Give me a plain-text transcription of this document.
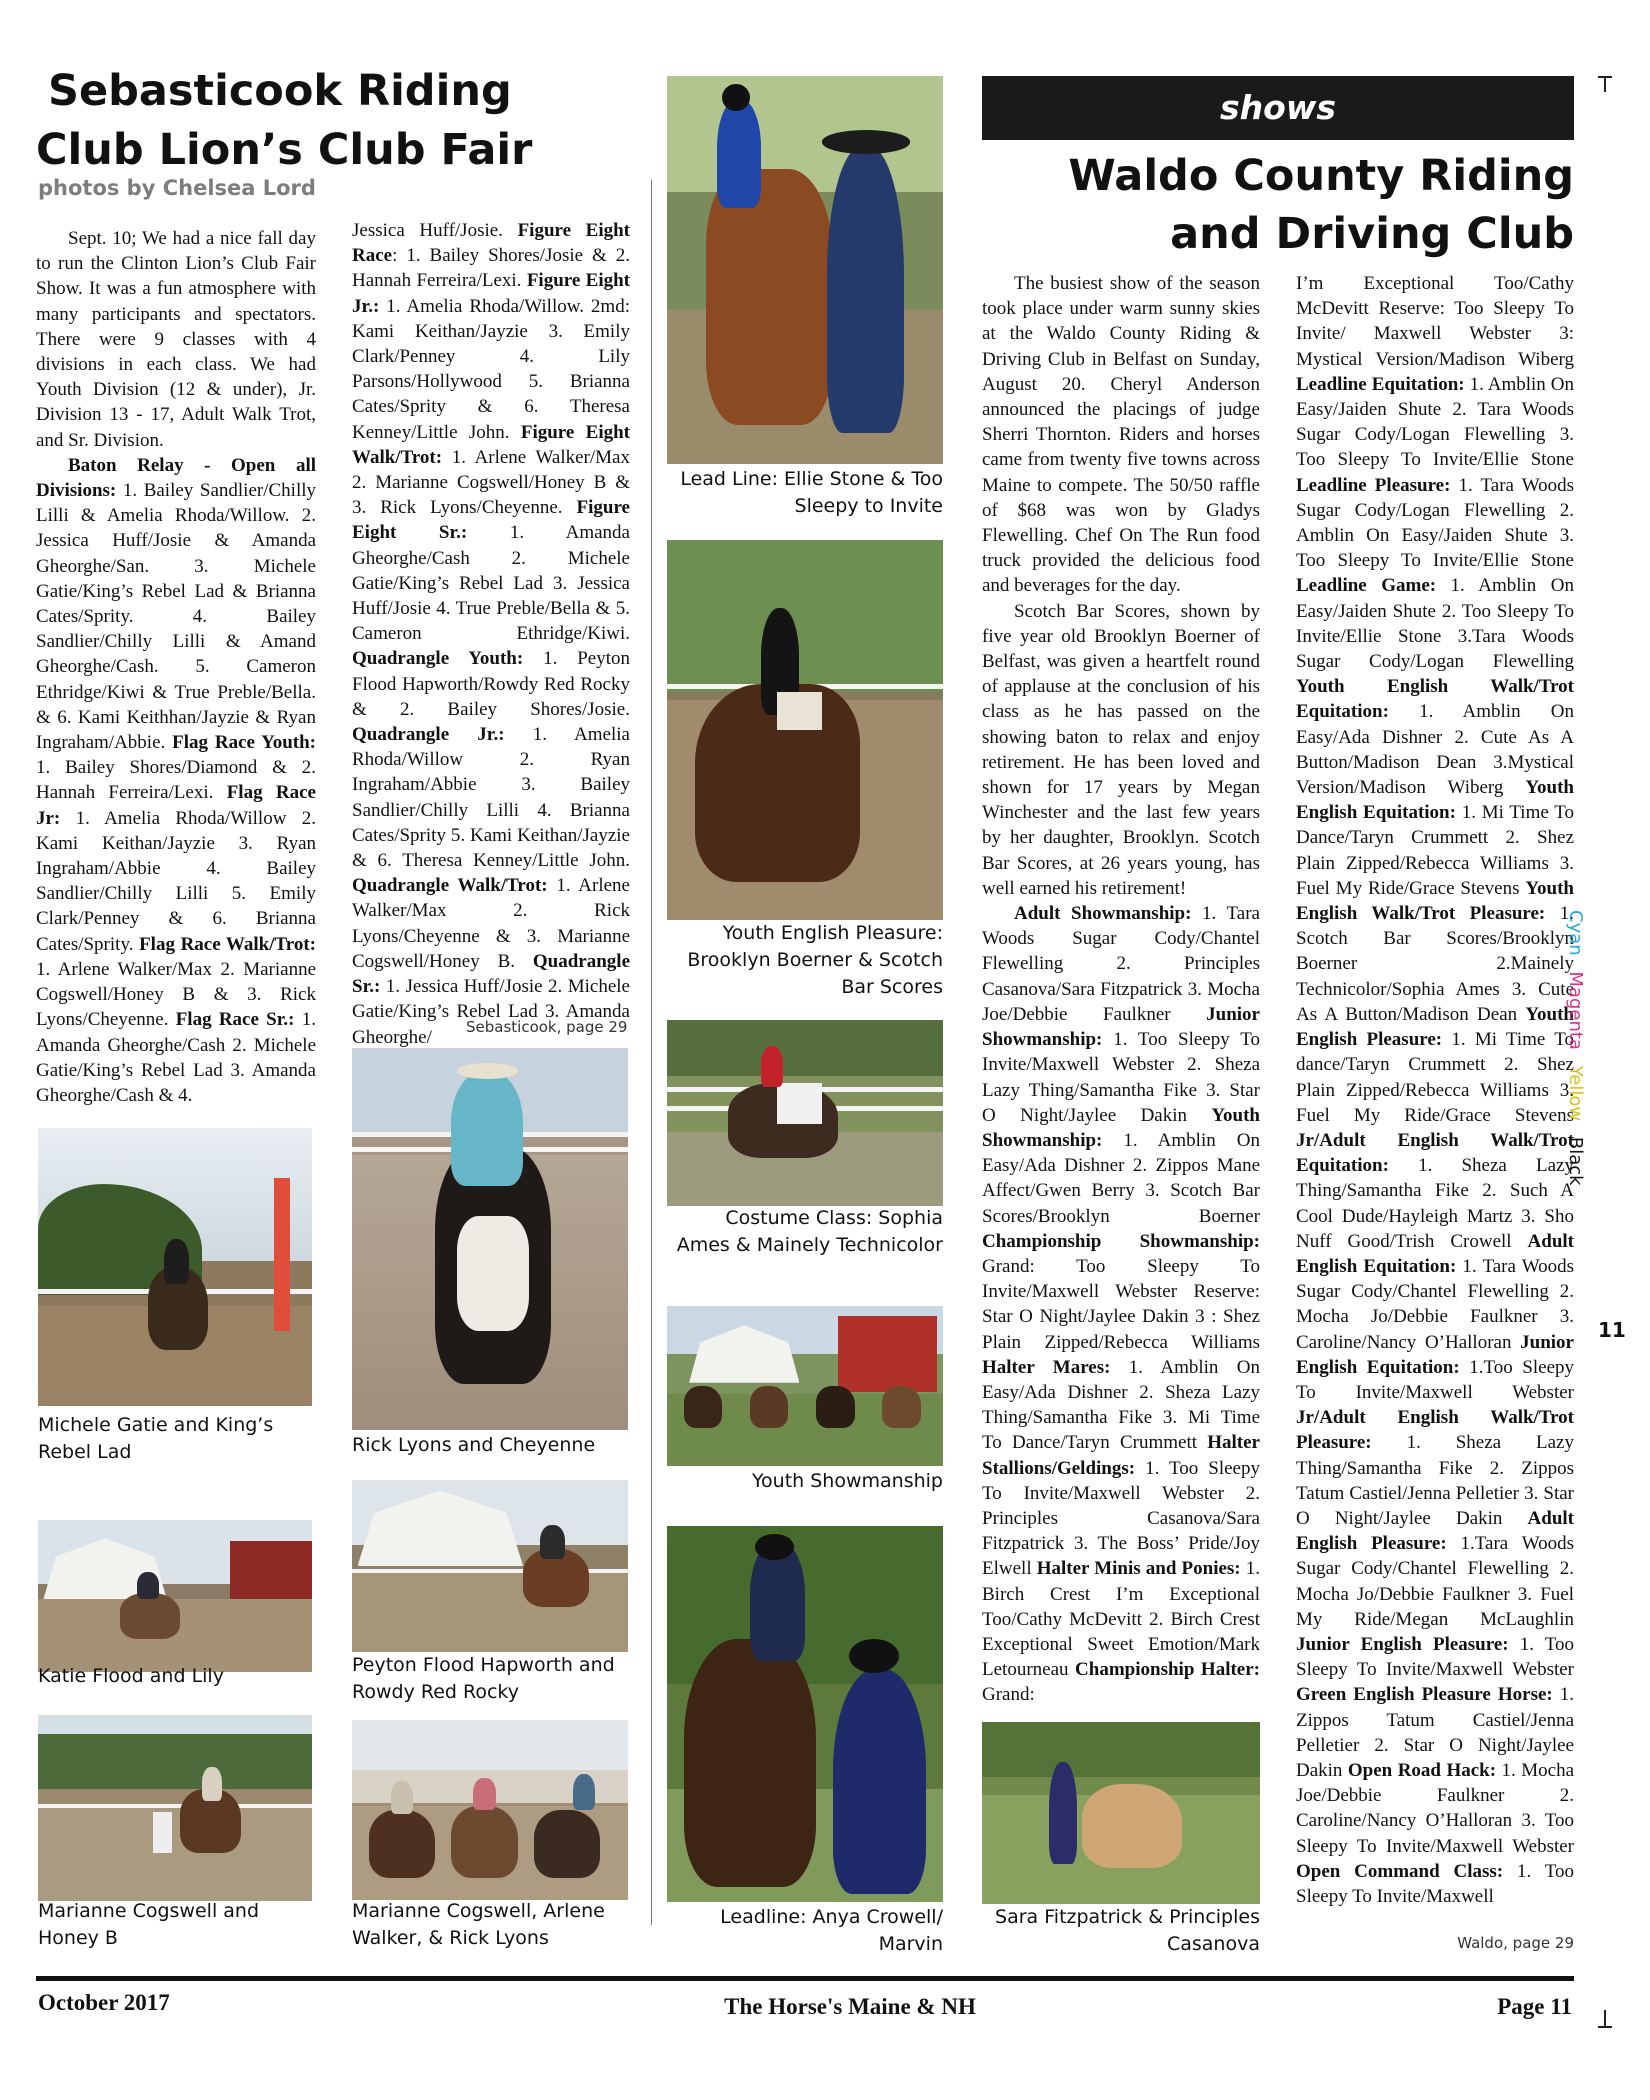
Sebasticook Riding
Club Lion’s Club Fair
photos by Chelsea Lord

Sept. 10; We had a nice fall day to run the Clinton Lion’s Club Fair Show. It was a fun atmosphere with many participants and spectators. There were 9 classes with 4 divisions in each class. We had Youth Division (12 & under), Jr. Division 13 - 17, Adult Walk Trot, and Sr. Division.

Baton Relay - Open all Divisions: 1. Bailey Sandlier/Chilly Lilli & Amelia Rhoda/Willow. 2. Jessica Huff/Josie & Amanda Gheorghe/San. 3. Michele Gatie/King’s Rebel Lad & Brianna Cates/Sprity. 4. Bailey Sandlier/Chilly Lilli & Amand Gheorghe/Cash. 5. Cameron Ethridge/Kiwi & True Preble/Bella. & 6. Kami Keithhan/Jayzie & Ryan Ingraham/Abbie. Flag Race Youth: 1. Bailey Shores/Diamond & 2. Hannah Ferreira/Lexi. Flag Race Jr: 1. Amelia Rhoda/Willow 2. Kami Keithan/Jayzie 3. Ryan Ingraham/Abbie 4. Bailey Sandlier/Chilly Lilli 5. Emily Clark/Penney & 6. Brianna Cates/Sprity. Flag Race Walk/Trot: 1. Arlene Walker/Max 2. Marianne Cogswell/Honey B & 3. Rick Lyons/Cheyenne. Flag Race Sr.: 1. Amanda Gheorghe/Cash 2. Michele Gatie/King’s Rebel Lad 3. Amanda Gheorghe/Cash & 4.

Jessica Huff/Josie. Figure Eight Race: 1. Bailey Shores/Josie & 2. Hannah Ferreira/Lexi. Figure Eight Jr.: 1. Amelia Rhoda/Willow. 2md: Kami Keithan/Jayzie 3. Emily Clark/Penney 4. Lily Parsons/Hollywood 5. Brianna Cates/Sprity & 6. Theresa Kenney/Little John. Figure Eight Walk/Trot: 1. Arlene Walker/Max 2. Marianne Cogswell/Honey B & 3. Rick Lyons/Cheyenne. Figure Eight Sr.: 1. Amanda Gheorghe/Cash 2. Michele Gatie/King’s Rebel Lad 3. Jessica Huff/Josie 4. True Preble/Bella & 5. Cameron Ethridge/Kiwi. Quadrangle Youth: 1. Peyton Flood Hapworth/Rowdy Red Rocky & 2. Bailey Shores/Josie. Quadrangle Jr.: 1. Amelia Rhoda/Willow 2. Ryan Ingraham/Abbie 3. Bailey Sandlier/Chilly Lilli 4. Brianna Cates/Sprity 5. Kami Keithan/Jayzie & 6. Theresa Kenney/Little John. Quadrangle Walk/Trot: 1. Arlene Walker/Max 2. Rick Lyons/Cheyenne & 3. Marianne Cogswell/Honey B. Quadrangle Sr.: 1. Jessica Huff/Josie 2. Michele Gatie/King’s Rebel Lad 3. Amanda Gheorghe/	Sebasticook, page 29
Michele Gatie and King’s Rebel Lad
Katie Flood and Lily
Marianne Cogswell and Honey B
Rick Lyons and Cheyenne
Peyton Flood Hapworth and Rowdy Red Rocky
Marianne Cogswell, Arlene Walker, & Rick Lyons
Lead Line: Ellie Stone & Too Sleepy to Invite
Youth English Pleasure: Brooklyn Boerner & Scotch Bar Scores
Costume Class: Sophia Ames & Mainely Technicolor
Youth Showmanship
Leadline: Anya Crowell/ Marvin
shows
Waldo County Riding
and Driving Club

The busiest show of the season took place under warm sunny skies at the Waldo County Riding & Driving Club in Belfast on Sunday, August 20. Cheryl Anderson announced the placings of judge Sherri Thornton. Riders and horses came from twenty five towns across Maine to compete. The 50/50 raffle of $68 was won by Gladys Flewelling. Chef On The Run food truck provided the delicious food and beverages for the day.

Scotch Bar Scores, shown by five year old Brooklyn Boerner of Belfast, was given a heartfelt round of applause at the conclusion of his class as he has passed on the showing baton to relax and enjoy retirement. He has been loved and shown for 17 years by Megan Winchester and the last few years by her daughter, Brooklyn. Scotch Bar Scores, at 26 years young, has well earned his retirement!

Adult Showmanship: 1. Tara Woods Sugar Cody/Chantel Flewelling 2. Principles Casanova/Sara Fitzpatrick 3. Mocha Joe/Debbie Faulkner Junior Showmanship: 1. Too Sleepy To Invite/Maxwell Webster 2. Sheza Lazy Thing/Samantha Fike 3. Star O Night/Jaylee Dakin Youth Showmanship: 1. Amblin On Easy/Ada Dishner 2. Zippos Mane Affect/Gwen Berry 3. Scotch Bar Scores/Brooklyn Boerner Championship Showmanship: Grand: Too Sleepy To Invite/Maxwell Webster Reserve: Star O Night/Jaylee Dakin 3 : Shez Plain Zipped/Rebecca Williams Halter Mares: 1. Amblin On Easy/Ada Dishner 2. Sheza Lazy Thing/Samantha Fike 3. Mi Time To Dance/Taryn Crummett Halter Stallions/Geldings: 1. Too Sleepy To Invite/Maxwell Webster 2. Principles Casanova/Sara Fitzpatrick 3. The Boss’ Pride/Joy Elwell Halter Minis and Ponies: 1. Birch Crest I’m Exceptional Too/Cathy McDevitt 2. Birch Crest Exceptional Sweet Emotion/Mark Letourneau Championship Halter: Grand:

Sara Fitzpatrick & Principles Casanova

I’m Exceptional Too/Cathy McDevitt Reserve: Too Sleepy To Invite/ Maxwell Webster 3: Mystical Version/Madison Wiberg Leadline Equitation: 1. Amblin On Easy/Jaiden Shute 2. Tara Woods Sugar Cody/Logan Flewelling 3. Too Sleepy To Invite/Ellie Stone Leadline Pleasure: 1. Tara Woods Sugar Cody/Logan Flewelling 2. Amblin On Easy/Jaiden Shute 3. Too Sleepy To Invite/Ellie Stone Leadline Game: 1. Amblin On Easy/Jaiden Shute 2. Too Sleepy To Invite/Ellie Stone 3.Tara Woods Sugar Cody/Logan Flewelling Youth English Walk/Trot Equitation: 1. Amblin On Easy/Ada Dishner 2. Cute As A Button/Madison Dean 3.Mystical Version/Madison Wiberg Youth English Equitation: 1. Mi Time To Dance/Taryn Crummett 2. Shez Plain Zipped/Rebecca Williams 3. Fuel My Ride/Grace Stevens Youth English Walk/Trot Pleasure: 1. Scotch Bar Scores/Brooklyn Boerner 2.Mainely Technicolor/Sophia Ames 3. Cute As A Button/Madison Dean Youth English Pleasure: 1. Mi Time To dance/Taryn Crummett 2. Shez Plain Zipped/Rebecca Williams 3. Fuel My Ride/Grace Stevens Jr/Adult English Walk/Trot Equitation: 1. Sheza Lazy Thing/Samantha Fike 2. Such A Cool Dude/Hayleigh Martz 3. Sho Nuff Good/Trish Crowell Adult English Equitation: 1. Tara Woods Sugar Cody/Chantel Flewelling 2. Mocha Jo/Debbie Faulkner 3. Caroline/Nancy O’Halloran Junior English Equitation: 1.Too Sleepy To Invite/Maxwell Webster Jr/Adult English Walk/Trot Pleasure: 1. Sheza Lazy Thing/Samantha Fike 2. Zippos Tatum Castiel/Jenna Pelletier 3. Star O Night/Jaylee Dakin Adult English Pleasure: 1.Tara Woods Sugar Cody/Chantel Flewelling 2. Mocha Jo/Debbie Faulkner 3. Fuel My Ride/Megan McLaughlin Junior English Pleasure: 1. Too Sleepy To Invite/Maxwell Webster Green English Pleasure Horse: 1. Zippos Tatum Castiel/Jenna Pelletier 2. Star O Night/Jaylee Dakin Open Road Hack: 1. Mocha Joe/Debbie Faulkner 2. Caroline/Nancy O’Halloran 3. Too Sleepy To Invite/Maxwell Webster Open Command Class: 1. Too Sleepy To Invite/Maxwell

Waldo, page 29
October 2017	The Horse's Maine & NH	Page 11
Cyan Magenta Yellow Black
11
